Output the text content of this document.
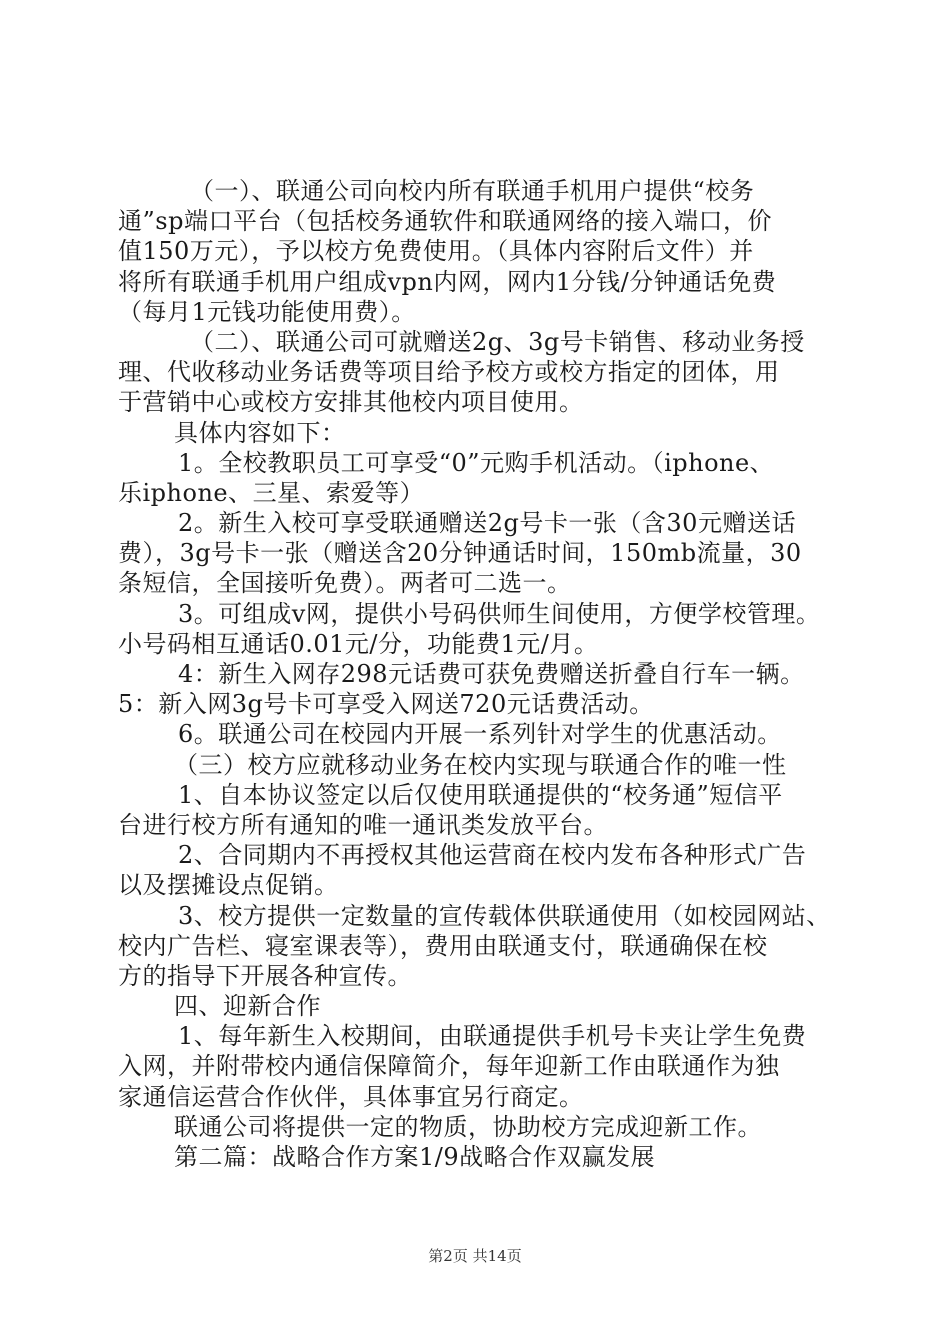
（一）、联通公司向校内所有联通手机用户提供“校务
通”sp端口平台（包括校务通软件和联通网络的接入端口，价
值150万元），予以校方免费使用。（具体内容附后文件）并
将所有联通手机用户组成vpn内网，网内1分钱/分钟通话免费
（每月1元钱功能使用费）。
（二）、联通公司可就赠送2g、3g号卡销售、移动业务授
理、代收移动业务话费等项目给予校方或校方指定的团体，用
于营销中心或校方安排其他校内项目使用。
具体内容如下：
1。全校教职员工可享受“0”元购手机活动。（iphone、
乐iphone、三星、索爱等）
2。新生入校可享受联通赠送2g号卡一张（含30元赠送话
费），3g号卡一张（赠送含20分钟通话时间，150mb流量，30
条短信，全国接听免费）。两者可二选一。
3。可组成v网，提供小号码供师生间使用，方便学校管理。
小号码相互通话0.01元/分，功能费1元/月。
4：新生入网存298元话费可获免费赠送折叠自行车一辆。
5：新入网3g号卡可享受入网送720元话费活动。
6。联通公司在校园内开展一系列针对学生的优惠活动。
（三）校方应就移动业务在校内实现与联通合作的唯一性
1、自本协议签定以后仅使用联通提供的“校务通”短信平
台进行校方所有通知的唯一通讯类发放平台。
2、合同期内不再授权其他运营商在校内发布各种形式广告
以及摆摊设点促销。
3、校方提供一定数量的宣传载体供联通使用（如校园网站、
校内广告栏、寝室课表等），费用由联通支付，联通确保在校
方的指导下开展各种宣传。
四、迎新合作
1、每年新生入校期间，由联通提供手机号卡夹让学生免费
入网，并附带校内通信保障简介，每年迎新工作由联通作为独
家通信运营合作伙伴，具体事宜另行商定。
联通公司将提供一定的物质，协助校方完成迎新工作。
第二篇：战略合作方案1/9战略合作双赢发展
第2页 共14页
